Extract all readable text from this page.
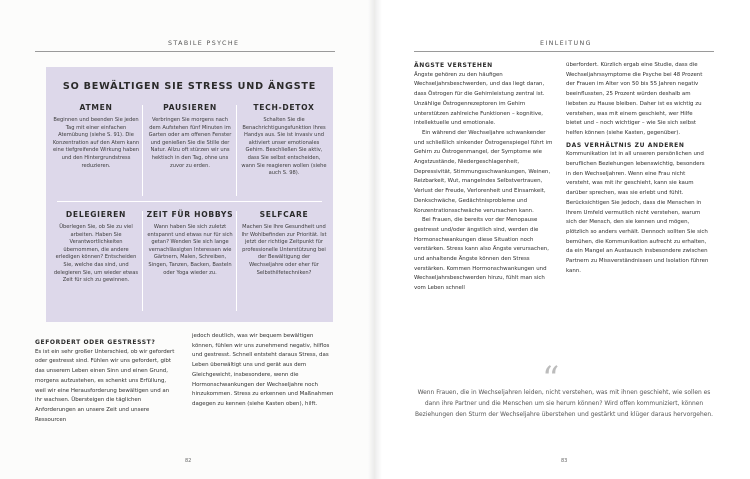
STABILE PSYCHE
SO BEWÄLTIGEN SIE STRESS UND ÄNGSTE
ATMEN

Beginnen und beenden Sie jeden Tag mit einer einfachen Atemübung (siehe S. 91). Die Konzentration auf den Atem kann eine tiefgreifende Wirkung haben und den Hintergrundstress reduzieren.

PAUSIEREN

Verbringen Sie morgens nach dem Aufstehen fünf Minuten im Garten oder am offenen Fenster und genießen Sie die Stille der Natur. Allzu oft stürzen wir uns hektisch in den Tag, ohne uns zuvor zu erden.

TECH-DETOX

Schalten Sie die Benachrichtigungsfunktion Ihres Handys aus. Sie ist invasiv und aktiviert unser emotionales Gehirn. Beschließen Sie aktiv, dass Sie selbst entscheiden, wann Sie reagieren wollen (siehe auch S. 98).

DELEGIEREN

Überlegen Sie, ob Sie zu viel arbeiten. Haben Sie Verantwortlichkeiten übernommen, die andere erledigen können? Entscheiden Sie, welche das sind, und delegieren Sie, um wieder etwas Zeit für sich zu gewinnen.

ZEIT FÜR HOBBYS

Wann haben Sie sich zuletzt entspannt und etwas nur für sich getan? Wenden Sie sich lange vernachlässigten Interessen wie Gärtnern, Malen, Schreiben, Singen, Tanzen, Backen, Basteln oder Yoga wieder zu.

SELFCARE

Machen Sie Ihre Gesundheit und Ihr Wohlbefinden zur Priorität. Ist jetzt der richtige Zeitpunkt für professionelle Unterstützung bei der Bewältigung der Wechseljahre oder eher für Selbsthilfetechniken?

GEFORDERT ODER GESTRESST?

Es ist ein sehr großer Unterschied, ob wir gefordert oder gestresst sind. Fühlen wir uns gefordert, gibt das unserem Leben einen Sinn und einen Grund, morgens aufzustehen, es schenkt uns Erfüllung, weil wir eine Herausforderung bewältigen und an ihr wachsen. Übersteigen die täglichen Anforderungen an unsere Zeit und unsere Ressourcen

jedoch deutlich, was wir bequem bewältigen können, fühlen wir uns zunehmend negativ, hilflos und gestresst. Schnell entsteht daraus Stress, das Leben überwältigt uns und gerät aus dem Gleichgewicht, insbesondere, wenn die Hormonschwankungen der Wechseljahre noch hinzukommen. Stress zu erkennen und Maßnahmen dagegen zu kennen (siehe Kasten oben), hilft.

82
EINLEITUNG
ÄNGSTE VERSTEHEN

Ängste gehören zu den häufigen Wechseljahrsbeschwerden, und das liegt daran, dass Östrogen für die Gehirnleistung zentral ist. Unzählige Östrogenrezeptoren im Gehirn unterstützen zahlreiche Funktionen – kognitive, intellektuelle und emotionale.

Ein während der Wechseljahre schwankender und schließlich sinkender Östrogenspiegel führt im Gehirn zu Östrogenmangel, der Symptome wie Angstzustände, Niedergeschlagenheit, Depressivität, Stimmungsschwankungen, Weinen, Reizbarkeit, Wut, mangelndes Selbstvertrauen, Verlust der Freude, Verlorenheit und Einsamkeit, Denkschwäche, Gedächtnisprobleme und Konzentrationsschwäche verursachen kann.

Bei Frauen, die bereits vor der Menopause gestresst und/oder ängstlich sind, werden die Hormonschwankungen diese Situation noch verstärken. Stress kann also Ängste verursachen, und anhaltende Ängste können den Stress verstärken. Kommen Hormonschwankungen und Wechseljahrsbeschwerden hinzu, fühlt man sich vom Leben schnell

überfordert. Kürzlich ergab eine Studie, dass die Wechseljahrssymptome die Psyche bei 48 Prozent der Frauen im Alter von 50 bis 55 Jahren negativ beeinflussten, 25 Prozent würden deshalb am liebsten zu Hause bleiben. Daher ist es wichtig zu verstehen, was mit einem geschieht, wer Hilfe bietet und – noch wichtiger – wie Sie sich selbst helfen können (siehe Kasten, gegenüber).

DAS VERHÄLTNIS ZU ANDEREN

Kommunikation ist in all unseren persönlichen und beruflichen Beziehungen lebenswichtig, besonders in den Wechseljahren. Wenn eine Frau nicht versteht, was mit ihr geschieht, kann sie kaum darüber sprechen, was sie erlebt und fühlt. Berücksichtigen Sie jedoch, dass die Menschen in Ihrem Umfeld vermutlich nicht verstehen, warum sich der Mensch, den sie kennen und mögen, plötzlich so anders verhält. Dennoch sollten Sie sich bemühen, die Kommunikation aufrecht zu erhalten, da ein Mangel an Austausch insbesondere zwischen Partnern zu Missverständnissen und Isolation führen kann.

“
Wenn Frauen, die in Wechseljahren leiden, nicht verstehen, was mit ihnen geschieht, wie sollen es dann ihre Partner und die Menschen um sie herum können? Wird offen kommuniziert, können Beziehungen den Sturm der Wechseljahre überstehen und gestärkt und klüger daraus hervorgehen.
83
